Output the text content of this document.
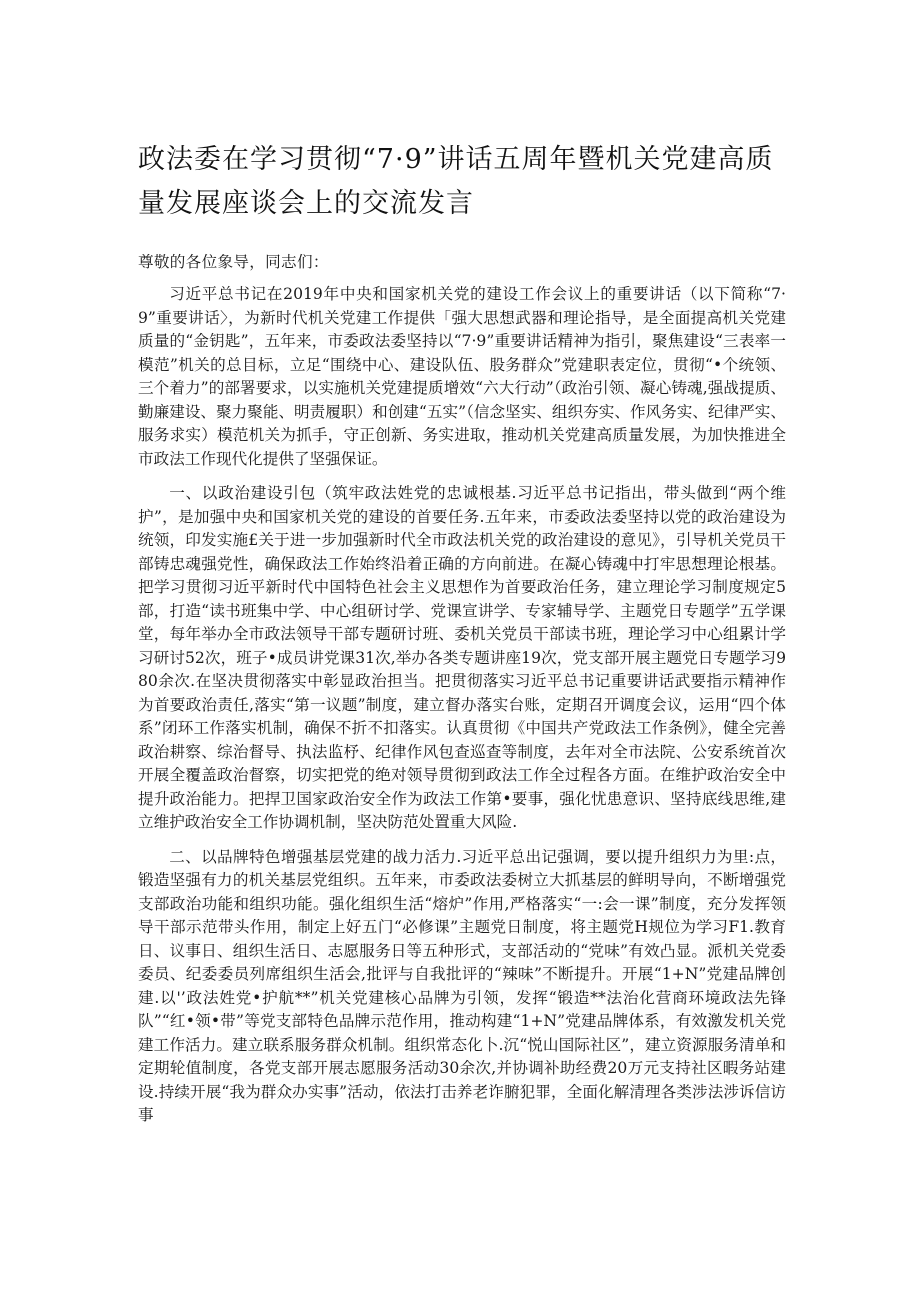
政法委在学习贯彻“7·9”讲话五周年暨机关党建高质量发展座谈会上的交流发言

尊敬的各位象导，同志们：

习近平总书记在2019年中央和国家机关党的建设工作会议上的重要讲话（以下简称“7·9”重要讲话〉，为新时代机关党建工作提供「强大思想武器和理论指导，是全面提高机关党建质量的“金钥匙”，五年来，市委政法委坚持以“7·9”重要讲话精神为指引，聚焦建设“三表率一模范”机关的总目标，立足“围绕中心、建设队伍、股务群众”党建职表定位，贯彻“•个统领、三个着力”的部署要求，以实施机关党建提质增效“六大行动”（政治引领、凝心铸魂,强战提质、勤廉建设、聚力聚能、明责履职）和创建“五实”（信念坚实、组织夯实、作风务实、纪律严实、服务求实）模范机关为抓手，守正创新、务实进取，推动机关党建高质量发展，为加快推进全市政法工作现代化提供了坚强保证。

一、以政治建设引包（筑牢政法姓党的忠诚根基.习近平总书记指出，带头做到“两个维护”，是加强中央和国家机关党的建设的首要任务.五年来，市委政法委坚持以党的政治建设为统领，印发实施£关于进一步加强新时代全市政法机关党的政治建设的意见》，引导机关党员干部铸忠魂强党性，确保政法工作始终沿着正确的方向前进。在凝心铸魂中打牢思想理论根基。把学习贯彻习近平新时代中国特色社会主义思想作为首要政治任务，建立理论学习制度规定5部，打造“读书班集中学、中心组研讨学、党课宣讲学、专家辅导学、主题党日专题学”五学课堂，每年举办全市政法领导干部专题研讨班、委机关党员干部读书班，理论学习中心组累计学习研讨52次，班子•成员讲党课31次,举办各类专题讲座19次，党支部开展主题党日专题学习980余次.在坚决贯彻落实中彰显政治担当。把贯彻落实习近平总书记重要讲话武要指示精神作为首要政治责任,落实“第一议题”制度，建立督办落实台账，定期召开调度会议，运用“四个体系”闭环工作落实机制，确保不折不扣落实。认真贯彻《中国共产党政法工作条例》，健全完善政治耕察、综治督导、执法监杼、纪律作风包查巡查等制度，去年对全市法院、公安系统首次开展全覆盖政治督察，切实把党的绝对领导贯彻到政法工作全过程各方面。在维护政治安全中提升政治能力。把捍卫国家政治安全作为政法工作第•要事，强化忧患意识、坚持底线思维,建立维护政治安全工作协调机制，坚决防范处置重大风险.

二、以品牌特色增强基层党建的战力活力.习近平总出记强调，要以提升组织力为里:点，锻造坚强有力的机关基层党组织。五年来，市委政法委树立大抓基层的鲜明导向，不断增强党支部政治功能和组织功能。强化组织生活“熔炉”作用,严格落实“一:会一课”制度，充分发挥领导干部示范带头作用，制定上好五门“必修课”主题党日制度，将主题党H规位为学习F1.教育日、议事日、组织生活日、志愿服务日等五种形式，支部活动的“党味”有效凸显。派机关党委委员、纪委委员列席组织生活会,批评与自我批评的“辣味”不断提升。开展“1+N”党建品牌创建.以'’政法姓党•护航**”机关党建核心品牌为引领，发挥“锻造**法治化营商环境政法先锋队”“红•领•带”等党支部特色品牌示范作用，推动构建“1+N”党建品牌体系，有效激发机关党建工作活力。建立联系服务群众机制。组织常态化卜.沉“悦山国际社区”，建立资源服务清单和定期轮值制度，各党支部开展志愿服务活动30余次,并协调补助经费20万元支持社区暇务站建设.持续开展“我为群众办实事”活动，依法打击养老诈腑犯罪，全面化解清理各类涉法涉诉信访事
